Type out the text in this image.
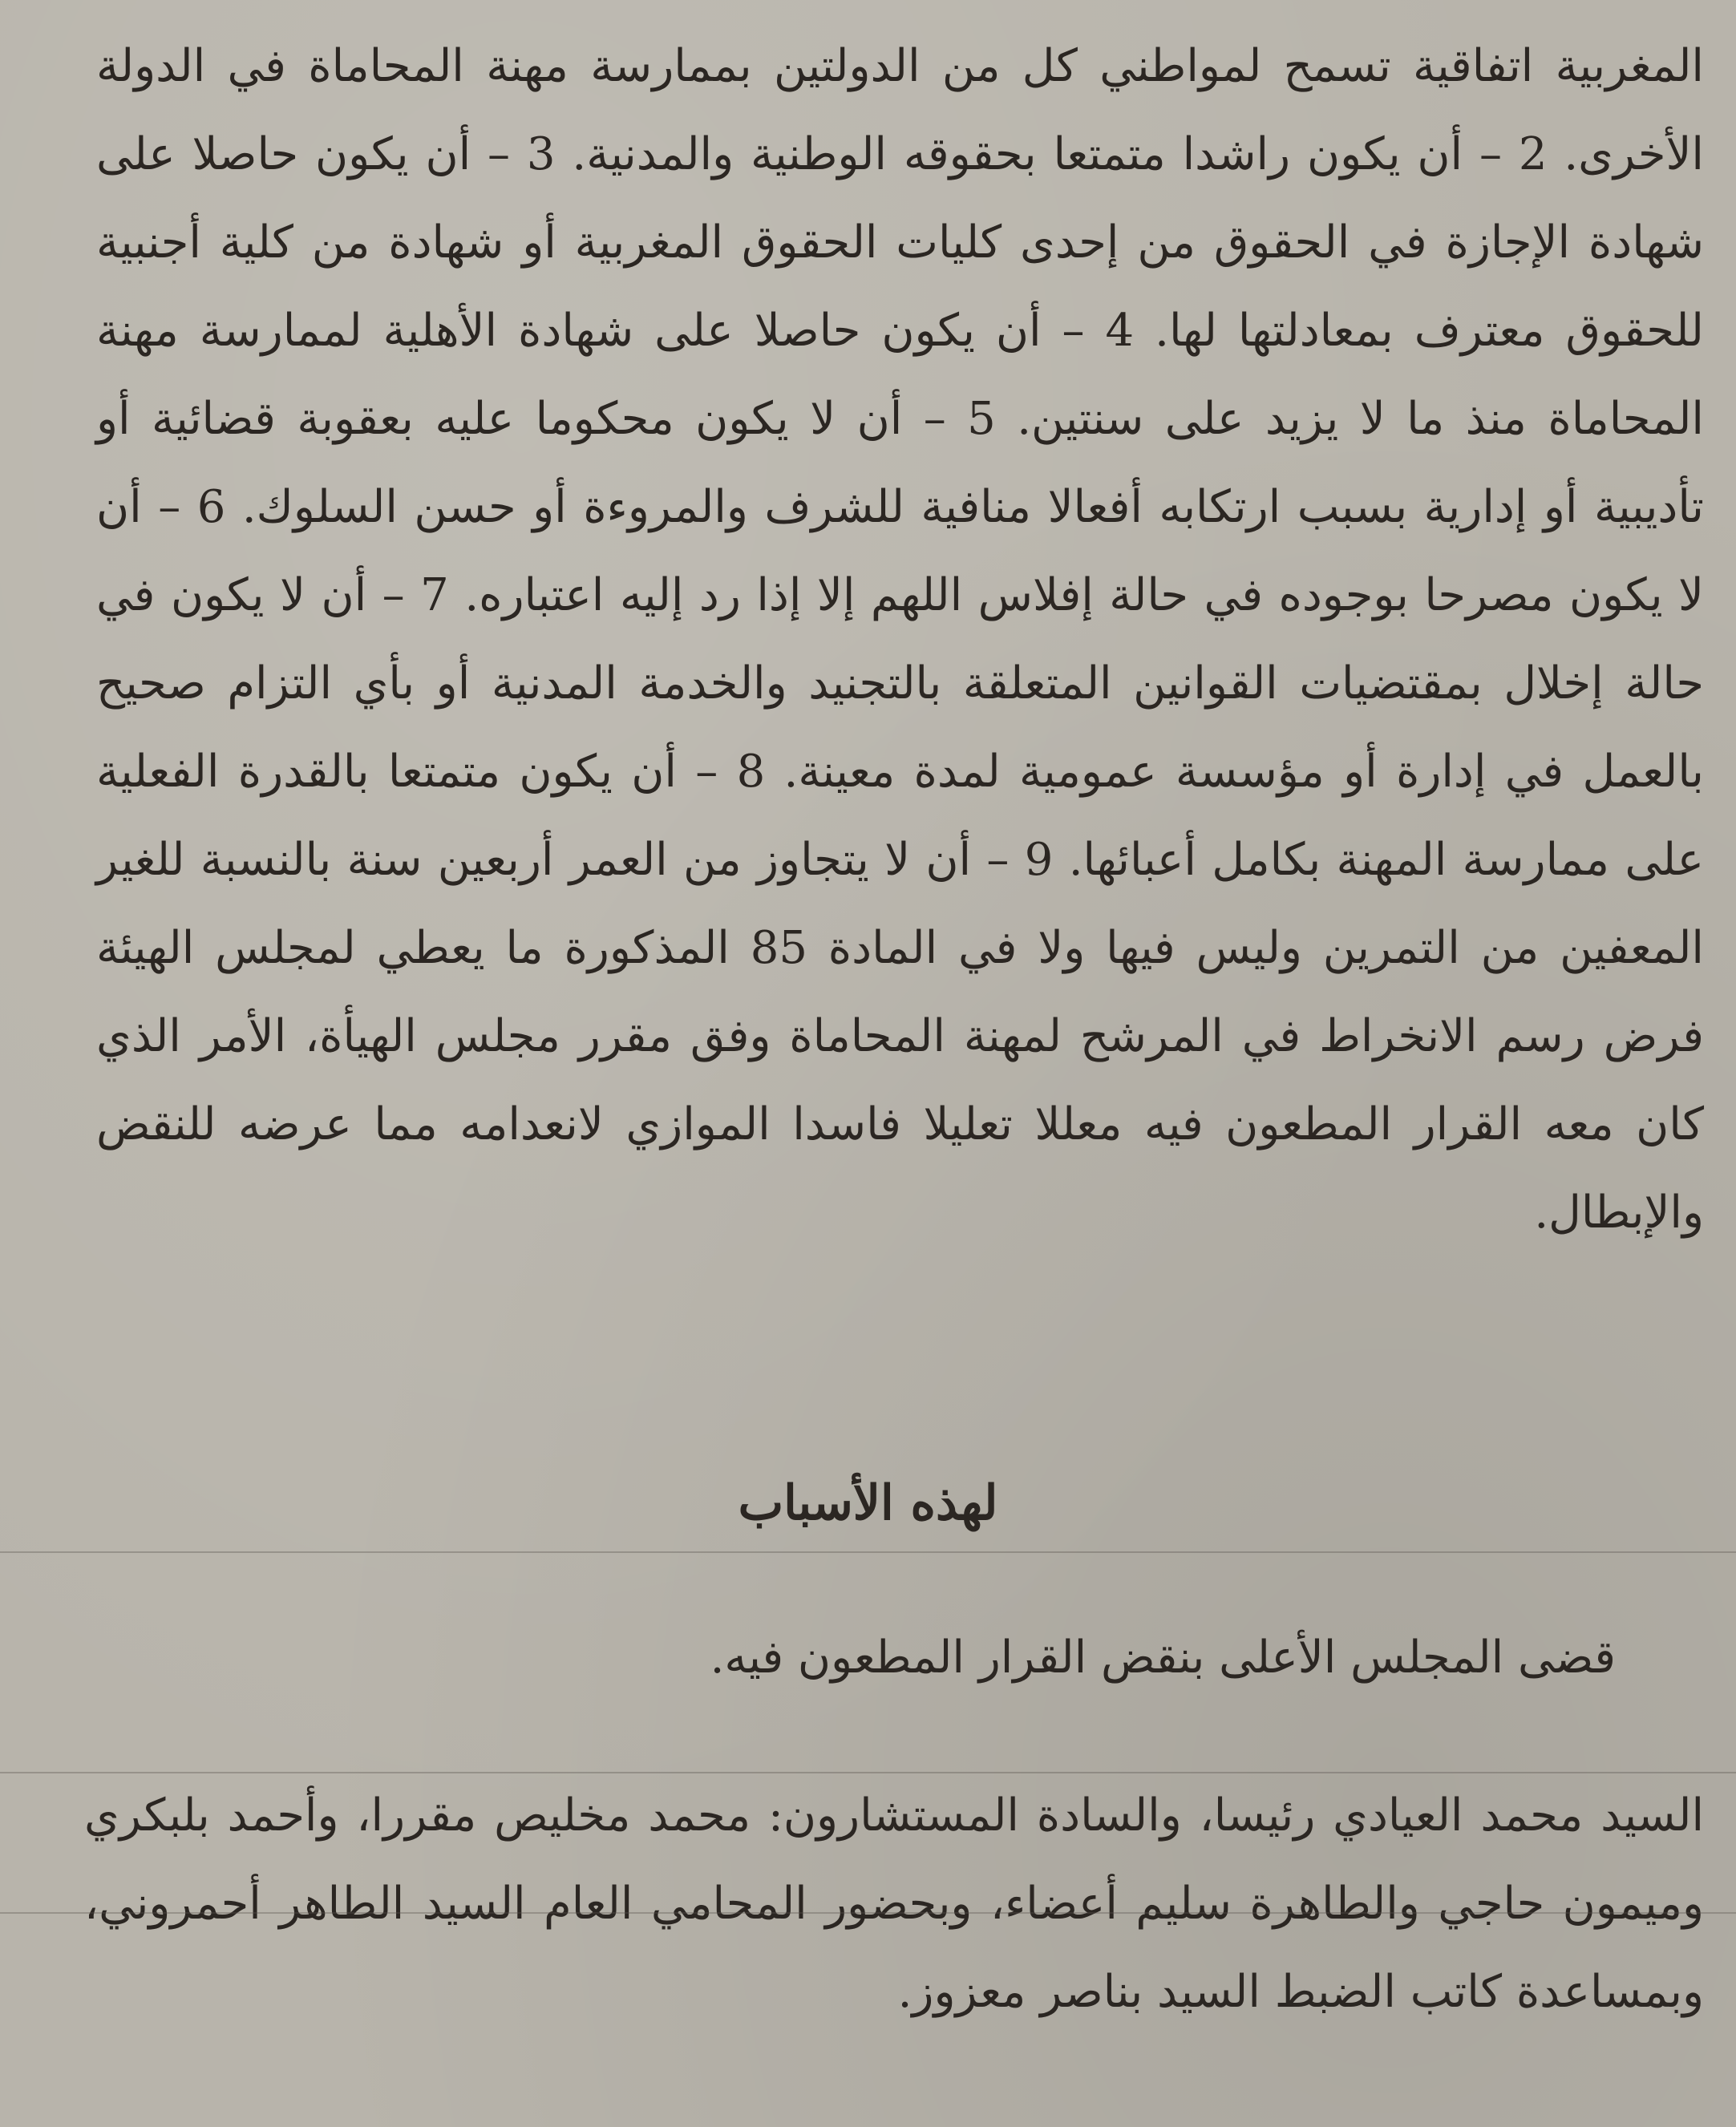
المغربية اتفاقية تسمح لمواطني كل من الدولتين بممارسة مهنة المحاماة في الدولة الأخرى. 2 – أن يكون راشدا متمتعا بحقوقه الوطنية والمدنية. 3 – أن يكون حاصلا على شهادة الإجازة في الحقوق من إحدى كليات الحقوق المغربية أو شهادة من كلية أجنبية للحقوق معترف بمعادلتها لها. 4 – أن يكون حاصلا على شهادة الأهلية لممارسة مهنة المحاماة منذ ما لا يزيد على سنتين. 5 – أن لا يكون محكوما عليه بعقوبة قضائية أو تأديبية أو إدارية بسبب ارتكابه أفعالا منافية للشرف والمروءة أو حسن السلوك. 6 – أن لا يكون مصرحا بوجوده في حالة إفلاس اللهم إلا إذا رد إليه اعتباره. 7 – أن لا يكون في حالة إخلال بمقتضيات القوانين المتعلقة بالتجنيد والخدمة المدنية أو بأي التزام صحيح بالعمل في إدارة أو مؤسسة عمومية لمدة معينة. 8 – أن يكون متمتعا بالقدرة الفعلية على ممارسة المهنة بكامل أعبائها. 9 – أن لا يتجاوز من العمر أربعين سنة بالنسبة للغير المعفين من التمرين وليس فيها ولا في المادة 85 المذكورة ما يعطي لمجلس الهيئة فرض رسم الانخراط في المرشح لمهنة المحاماة وفق مقرر مجلس الهيأة، الأمر الذي كان معه القرار المطعون فيه معللا تعليلا فاسدا الموازي لانعدامه مما عرضه للنقض والإبطال.

لهذه الأسباب

قضى المجلس الأعلى بنقض القرار المطعون فيه.

السيد محمد العيادي رئيسا، والسادة المستشارون: محمد مخليص مقررا، وأحمد بلبكري وميمون حاجي والطاهرة سليم أعضاء، وبحضور المحامي العام السيد الطاهر أحمروني، وبمساعدة كاتب الضبط السيد بناصر معزوز.
